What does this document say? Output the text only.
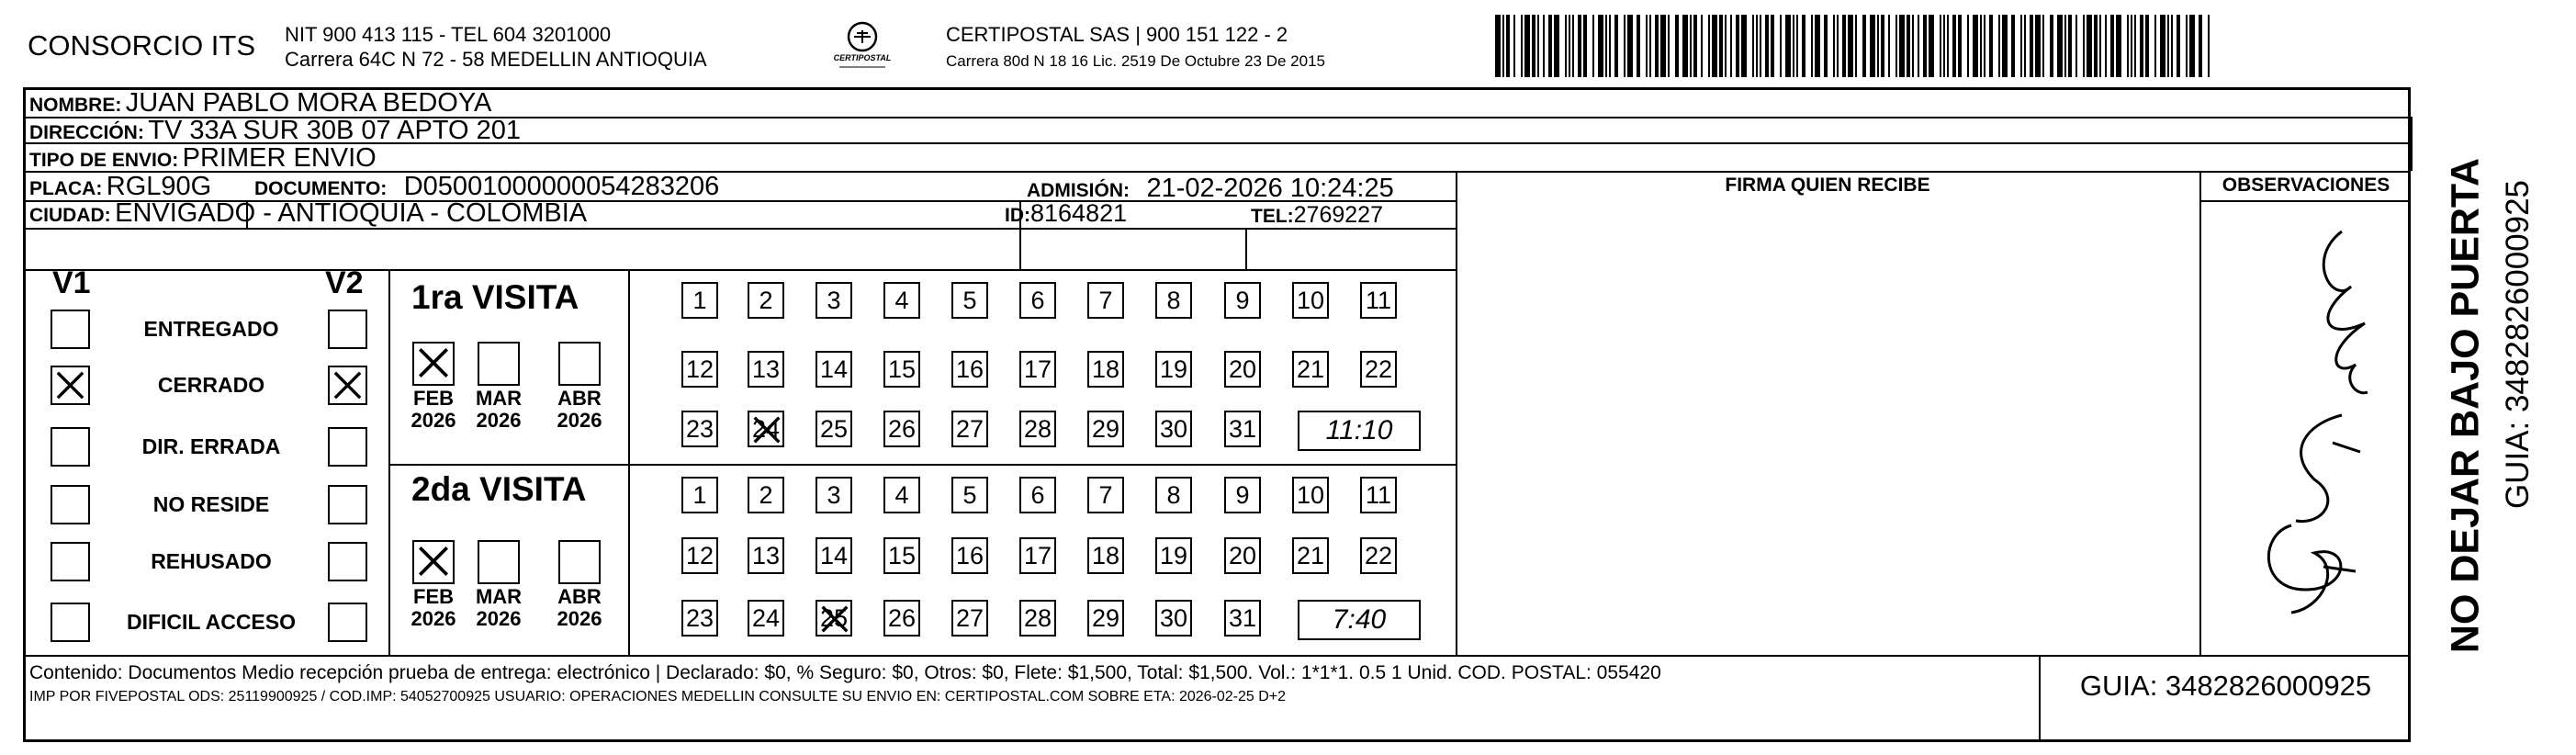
CONSORCIO ITS NIT 900 413 115 - TEL 604 3201000
Carrera 64C N 72 - 58 MEDELLIN ANTIOQUIA	CERTIPOSTAL
CERTIPOSTAL SAS | 900 151 122 - 2
Carrera 80d N 18 16 Lic. 2519 De Octubre 23 De 2015
NOMBRE: JUAN PABLO MORA BEDOYA
DIRECCIÓN: TV 33A SUR 30B 07 APTO 201
TIPO DE ENVIO: PRIMER ENVIO
PLACA: RGL90G DOCUMENTO: D05001000000054283206	ADMISIÓN: 21-02-2026 10:24:25
CIUDAD: ENVIGADO - ANTIOQUIA - COLOMBIA	ID:8164821	TEL:2769227
FIRMA QUIEN RECIBE	OBSERVACIONES
V1	V2
ENTREGADO
CERRADO
DIR. ERRADA
NO RESIDE
REHUSADO
DIFICIL ACCESO
1ra VISITA
2da VISITA
FEB
2026
MAR
2026
ABR
2026
FEB
2026
MAR
2026
ABR
2026
1	2	3	4	5	6	7	8	9	10 11
12 13 14 15 16 17 18 19 20 21 22
23 24 25 26 27 28 29 30 31	11:10
1	2	3	4	5	6	7	8	9	10 11
12 13 14 15 16 17 18 19 20 21 22
23 24 25 26 27 28 29 30 31	7:40
Contenido: Documentos Medio recepción prueba de entrega: electrónico | Declarado: $0, % Seguro: $0, Otros: $0, Flete: $1,500, Total: $1,500. Vol.: 1*1*1. 0.5 1 Unid. COD. POSTAL: 055420
IMP POR FIVEPOSTAL ODS: 25119900925 / COD.IMP: 54052700925 USUARIO: OPERACIONES MEDELLIN CONSULTE SU ENVIO EN: CERTIPOSTAL.COM SOBRE ETA: 2026-02-25 D+2	GUIA: 3482826000925
NO DEJAR BAJO PUERTA GUIA: 3482826000925
